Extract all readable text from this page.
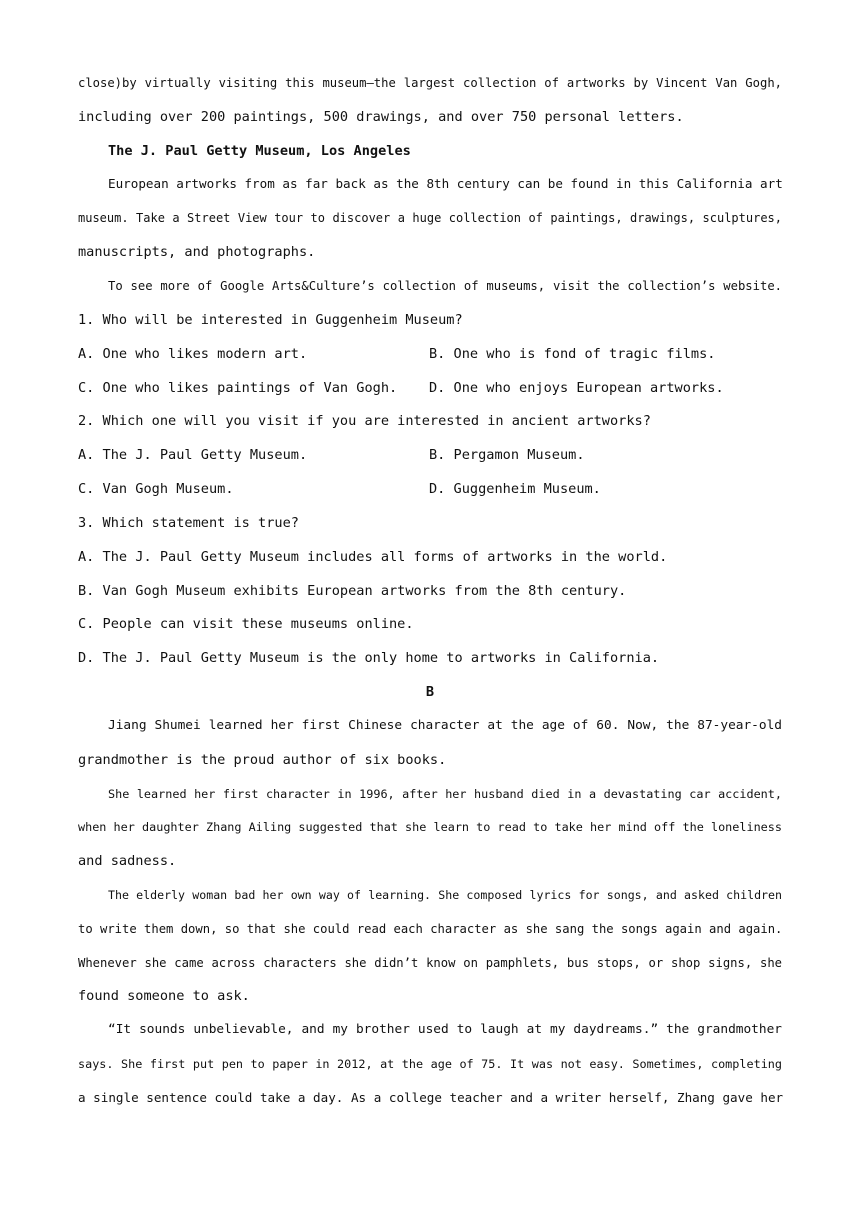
close)by virtually visiting this museum—the largest collection of artworks by Vincent Van Gogh,
including over 200 paintings, 500 drawings, and over 750 personal letters.
The J. Paul Getty Museum, Los Angeles
European artworks from as far back as the 8th century can be found in this California art
museum. Take a Street View tour to discover a huge collection of paintings, drawings, sculptures,
manuscripts, and photographs.
To see more of Google Arts&Culture’s collection of museums, visit the collection’s website.
1. Who will be interested in Guggenheim Museum?
A. One who likes modern art.	B. One who is fond of tragic films.
C. One who likes paintings of Van Gogh.	D. One who enjoys European artworks.
2. Which one will you visit if you are interested in ancient artworks?
A. The J. Paul Getty Museum.	B. Pergamon Museum.
C. Van Gogh Museum.	D. Guggenheim Museum.
3. Which statement is true?
A. The J. Paul Getty Museum includes all forms of artworks in the world.
B. Van Gogh Museum exhibits European artworks from the 8th century.
C. People can visit these museums online.
D. The J. Paul Getty Museum is the only home to artworks in California.
B
Jiang Shumei learned her first Chinese character at the age of 60. Now, the 87-year-old
grandmother is the proud author of six books.
She learned her first character in 1996, after her husband died in a devastating car accident,
when her daughter Zhang Ailing suggested that she learn to read to take her mind off the loneliness
and sadness.
The elderly woman bad her own way of learning. She composed lyrics for songs, and asked children
to write them down, so that she could read each character as she sang the songs again and again.
Whenever she came across characters she didn’t know on pamphlets, bus stops, or shop signs, she
found someone to ask.
“It sounds unbelievable, and my brother used to laugh at my daydreams.” the grandmother
says. She first put pen to paper in 2012, at the age of 75. It was not easy. Sometimes, completing
a single sentence could take a day. As a college teacher and a writer herself, Zhang gave her
